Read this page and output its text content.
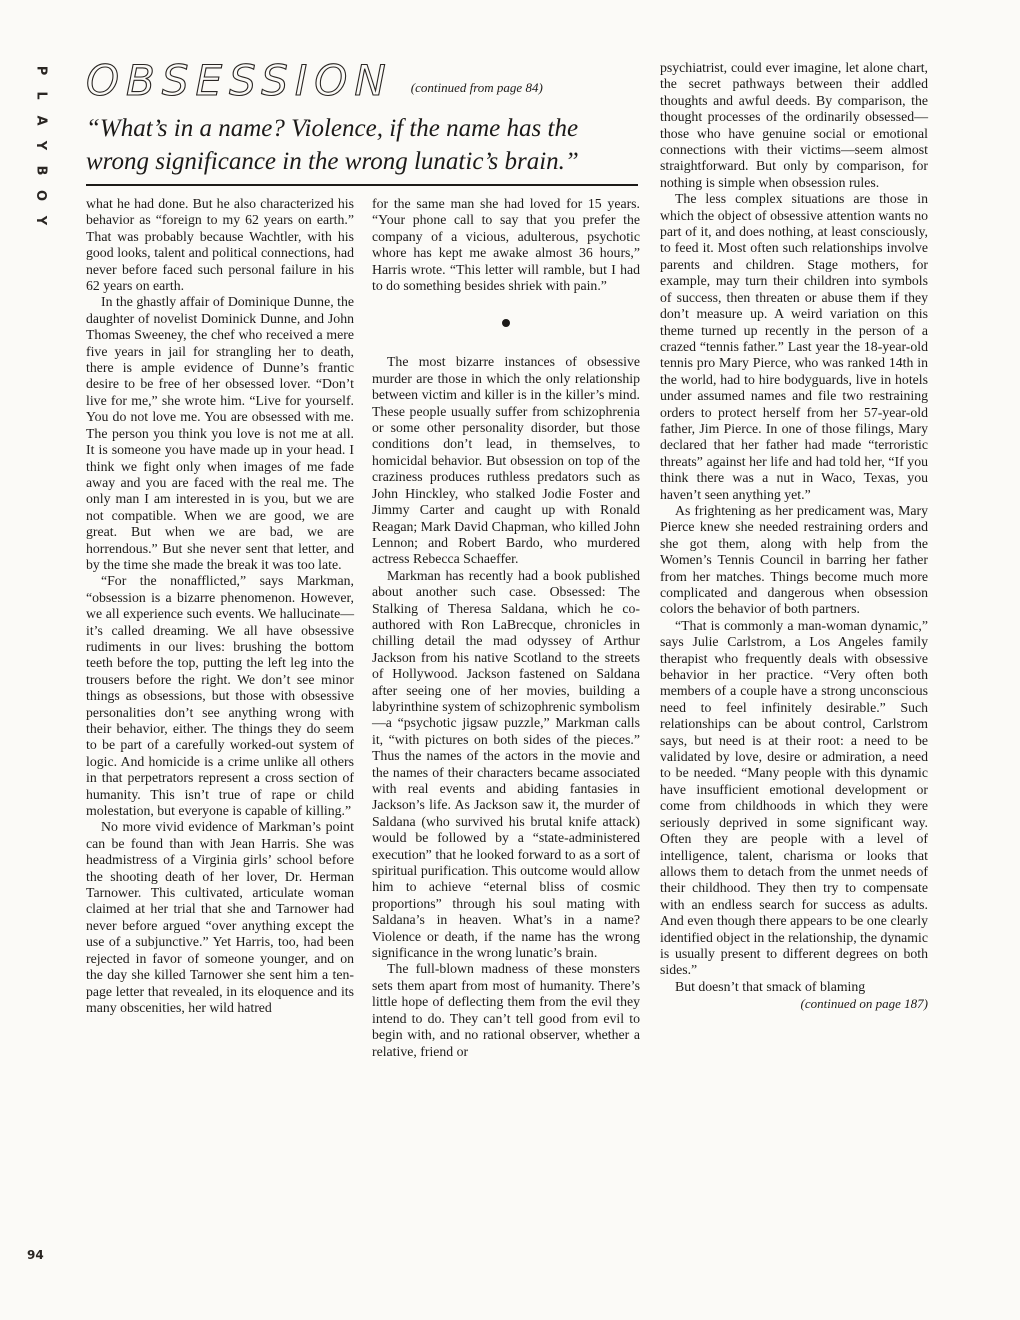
P
L
A
Y
B
O
Y
94
OBSESSION (continued from page 84)
“What’s in a name? Violence, if the name has the wrong significance in the wrong lunatic’s brain.”

what he had done. But he also characterized his behavior as “foreign to my 62 years on earth.” That was probably because Wachtler, with his good looks, talent and political connections, had never before faced such personal failure in his 62 years on earth.

In the ghastly affair of Dominique Dunne, the daughter of novelist Dominick Dunne, and John Thomas Sweeney, the chef who received a mere five years in jail for strangling her to death, there is ample evidence of Dunne’s frantic desire to be free of her obsessed lover. “Don’t live for me,” she wrote him. “Live for yourself. You do not love me. You are obsessed with me. The person you think you love is not me at all. It is someone you have made up in your head. I think we fight only when images of me fade away and you are faced with the real me. The only man I am interested in is you, but we are not compatible. When we are good, we are great. But when we are bad, we are horrendous.” But she never sent that letter, and by the time she made the break it was too late.

“For the nonafflicted,” says Markman, “obsession is a bizarre phenomenon. However, we all experience such events. We hallucinate—it’s called dreaming. We all have obsessive rudiments in our lives: brushing the bottom teeth before the top, putting the left leg into the trousers before the right. We don’t see minor things as obsessions, but those with obsessive personalities don’t see anything wrong with their behavior, either. The things they do seem to be part of a carefully worked-out system of logic. And homicide is a crime unlike all others in that perpetrators represent a cross section of humanity. This isn’t true of rape or child molestation, but everyone is capable of killing.”

No more vivid evidence of Markman’s point can be found than with Jean Harris. She was headmistress of a Virginia girls’ school before the shooting death of her lover, Dr. Herman Tarnower. This cultivated, articulate woman claimed at her trial that she and Tarnower had never before argued “over anything except the use of a subjunctive.” Yet Harris, too, had been rejected in favor of someone younger, and on the day she killed Tarnower she sent him a ten-page letter that revealed, in its eloquence and its many obscenities, her wild hatred

for the same man she had loved for 15 years. “Your phone call to say that you prefer the company of a vicious, adulterous, psychotic whore has kept me awake almost 36 hours,” Harris wrote. “This letter will ramble, but I had to do something besides shriek with pain.”

The most bizarre instances of obsessive murder are those in which the only relationship between victim and killer is in the killer’s mind. These people usually suffer from schizophrenia or some other personality disorder, but those conditions don’t lead, in themselves, to homicidal behavior. But obsession on top of the craziness produces ruthless predators such as John Hinckley, who stalked Jodie Foster and Jimmy Carter and caught up with Ronald Reagan; Mark David Chapman, who killed John Lennon; and Robert Bardo, who murdered actress Rebecca Schaeffer.

Markman has recently had a book published about another such case. Obsessed: The Stalking of Theresa Saldana, which he co-authored with Ron LaBrecque, chronicles in chilling detail the mad odyssey of Arthur Jackson from his native Scotland to the streets of Hollywood. Jackson fastened on Saldana after seeing one of her movies, building a labyrinthine system of schizophrenic symbolism—a “psychotic jigsaw puzzle,” Markman calls it, “with pictures on both sides of the pieces.” Thus the names of the actors in the movie and the names of their characters became associated with real events and abiding fantasies in Jackson’s life. As Jackson saw it, the murder of Saldana (who survived his brutal knife attack) would be followed by a “state-administered execution” that he looked forward to as a sort of spiritual purification. This outcome would allow him to achieve “eternal bliss of cosmic proportions” through his soul mating with Saldana’s in heaven. What’s in a name? Violence or death, if the name has the wrong significance in the wrong lunatic’s brain.

The full-blown madness of these monsters sets them apart from most of humanity. There’s little hope of deflecting them from the evil they intend to do. They can’t tell good from evil to begin with, and no rational observer, whether a relative, friend or

psychiatrist, could ever imagine, let alone chart, the secret pathways between their addled thoughts and awful deeds. By comparison, the thought processes of the ordinarily obsessed—those who have genuine social or emotional connections with their victims—seem almost straightforward. But only by comparison, for nothing is simple when obsession rules.

The less complex situations are those in which the object of obsessive attention wants no part of it, and does nothing, at least consciously, to feed it. Most often such relationships involve parents and children. Stage mothers, for example, may turn their children into symbols of success, then threaten or abuse them if they don’t measure up. A weird variation on this theme turned up recently in the person of a crazed “tennis father.” Last year the 18-year-old tennis pro Mary Pierce, who was ranked 14th in the world, had to hire bodyguards, live in hotels under assumed names and file two restraining orders to protect herself from her 57-year-old father, Jim Pierce. In one of those filings, Mary declared that her father had made “terroristic threats” against her life and had told her, “If you think there was a nut in Waco, Texas, you haven’t seen anything yet.”

As frightening as her predicament was, Mary Pierce knew she needed restraining orders and she got them, along with help from the Women’s Tennis Council in barring her father from her matches. Things become much more complicated and dangerous when obsession colors the behavior of both partners.

“That is commonly a man-woman dynamic,” says Julie Carlstrom, a Los Angeles family therapist who frequently deals with obsessive behavior in her practice. “Very often both members of a couple have a strong unconscious need to feel infinitely desirable.” Such relationships can be about control, Carlstrom says, but need is at their root: a need to be validated by love, desire or admiration, a need to be needed. “Many people with this dynamic have insufficient emotional development or come from childhoods in which they were seriously deprived in some significant way. Often they are people with a level of intelligence, talent, charisma or looks that allows them to detach from the unmet needs of their childhood. They then try to compensate with an endless search for success as adults. And even though there appears to be one clearly identified object in the relationship, the dynamic is usually present to different degrees on both sides.”

But doesn’t that smack of blaming

(continued on page 187)
